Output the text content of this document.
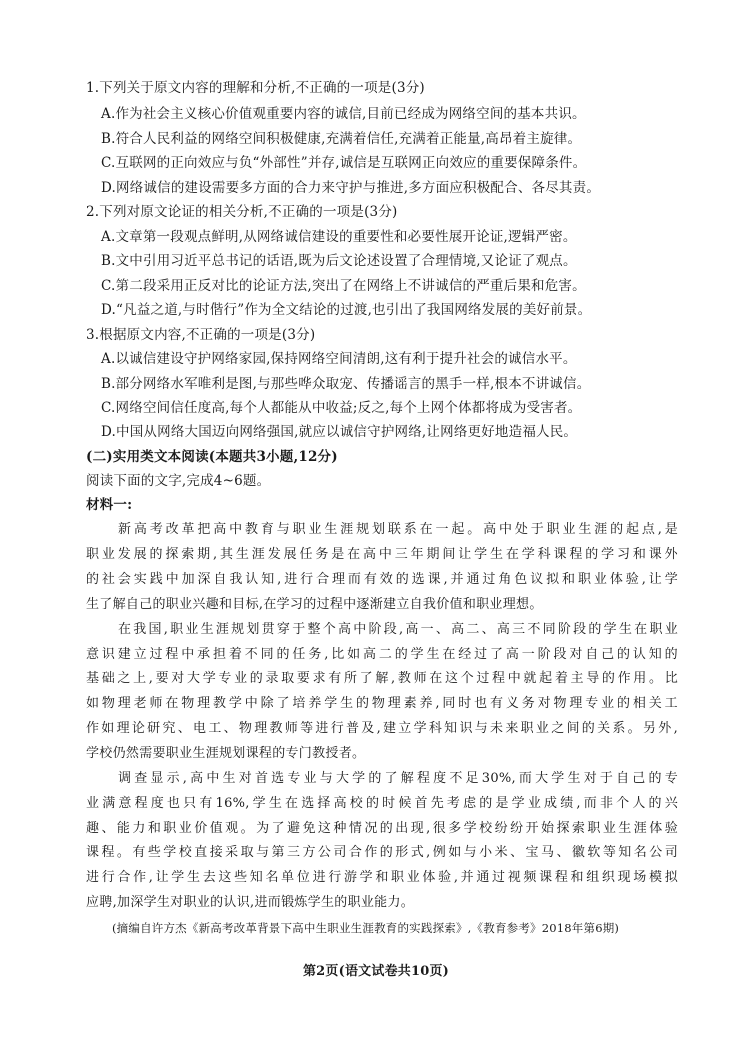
1.下列关于原文内容的理解和分析,不正确的一项是(3分)
A.作为社会主义核心价值观重要内容的诚信,目前已经成为网络空间的基本共识。
B.符合人民利益的网络空间积极健康,充满着信任,充满着正能量,高昂着主旋律。
C.互联网的正向效应与负“外部性”并存,诚信是互联网正向效应的重要保障条件。
D.网络诚信的建设需要多方面的合力来守护与推进,多方面应积极配合、各尽其责。
2.下列对原文论证的相关分析,不正确的一项是(3分)
A.文章第一段观点鲜明,从网络诚信建设的重要性和必要性展开论证,逻辑严密。
B.文中引用习近平总书记的话语,既为后文论述设置了合理情境,又论证了观点。
C.第二段采用正反对比的论证方法,突出了在网络上不讲诚信的严重后果和危害。
D.“凡益之道,与时偕行”作为全文结论的过渡,也引出了我国网络发展的美好前景。
3.根据原文内容,不正确的一项是(3分)
A.以诚信建设守护网络家园,保持网络空间清朗,这有利于提升社会的诚信水平。
B.部分网络水军唯利是图,与那些哗众取宠、传播谣言的黑手一样,根本不讲诚信。
C.网络空间信任度高,每个人都能从中收益;反之,每个上网个体都将成为受害者。
D.中国从网络大国迈向网络强国,就应以诚信守护网络,让网络更好地造福人民。
(二)实用类文本阅读(本题共3小题,12分)
阅读下面的文字,完成4~6题。
材料一:
新高考改革把高中教育与职业生涯规划联系在一起。高中处于职业生涯的起点,是
职业发展的探索期,其生涯发展任务是在高中三年期间让学生在学科课程的学习和课外
的社会实践中加深自我认知,进行合理而有效的选课,并通过角色议拟和职业体验,让学
生了解自己的职业兴趣和目标,在学习的过程中逐渐建立自我价值和职业理想。
在我国,职业生涯规划贯穿于整个高中阶段,高一、高二、高三不同阶段的学生在职业
意识建立过程中承担着不同的任务,比如高二的学生在经过了高一阶段对自己的认知的
基础之上,要对大学专业的录取要求有所了解,教师在这个过程中就起着主导的作用。比
如物理老师在物理教学中除了培养学生的物理素养,同时也有义务对物理专业的相关工
作如理论研究、电工、物理教师等进行普及,建立学科知识与未来职业之间的关系。另外,
学校仍然需要职业生涯规划课程的专门教授者。
调查显示,高中生对首选专业与大学的了解程度不足30%,而大学生对于自己的专
业满意程度也只有16%,学生在选择高校的时候首先考虑的是学业成绩,而非个人的兴
趣、能力和职业价值观。为了避免这种情况的出现,很多学校纷纷开始探索职业生涯体验
课程。有些学校直接采取与第三方公司合作的形式,例如与小米、宝马、徽软等知名公司
进行合作,让学生去这些知名单位进行游学和职业体验,并通过视频课程和组织现场模拟
应聘,加深学生对职业的认识,进而锻炼学生的职业能力。
(摘编自许方杰《新高考改革背景下高中生职业生涯教育的实践探索》,《教育参考》2018年第6期)
第2页(语文试卷共10页)
